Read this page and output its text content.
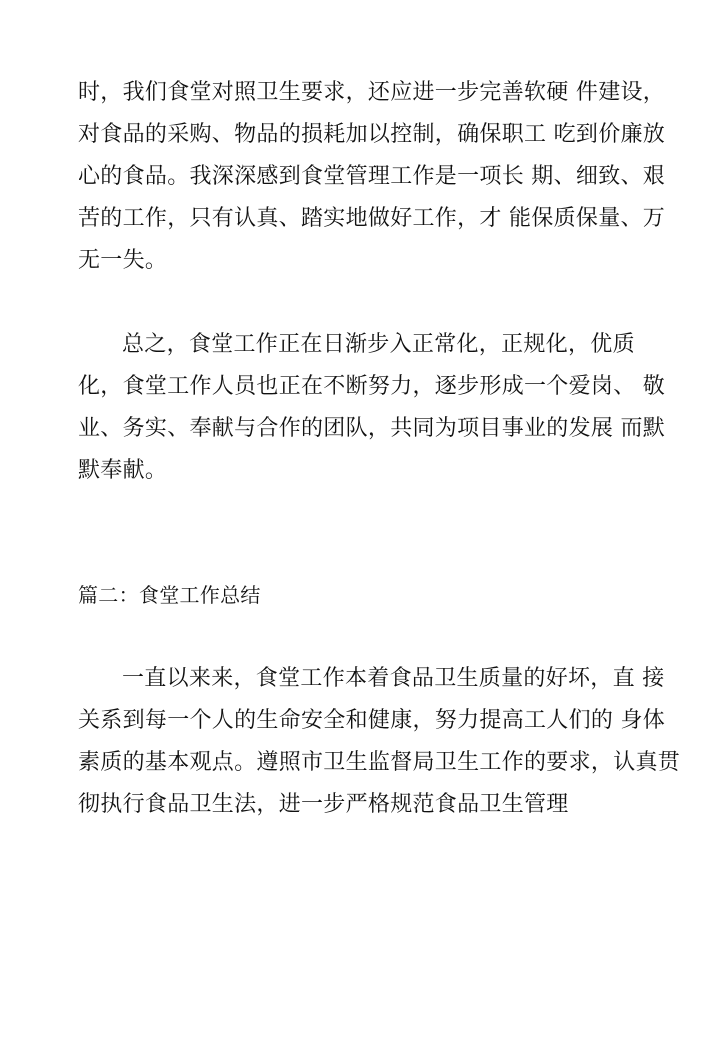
时，我们食堂对照卫生要求，还应进一步完善软硬 件建设，
对食品的采购、物品的损耗加以控制，确保职工 吃到价廉放
心的食品。我深深感到食堂管理工作是一项长 期、细致、艰
苦的工作，只有认真、踏实地做好工作，才 能保质保量、万
无一失。
总之，食堂工作正在日渐步入正常化，正规化，优质
化，食堂工作人员也正在不断努力，逐步形成一个爱岗、 敬
业、务实、奉献与合作的团队，共同为项目事业的发展 而默
默奉献。
篇二：食堂工作总结
一直以来来，食堂工作本着食品卫生质量的好坏，直 接
关系到每一个人的生命安全和健康，努力提高工人们的 身体
素质的基本观点。遵照市卫生监督局卫生工作的要求，认真贯
彻执行食品卫生法，进一步严格规范食品卫生管理
